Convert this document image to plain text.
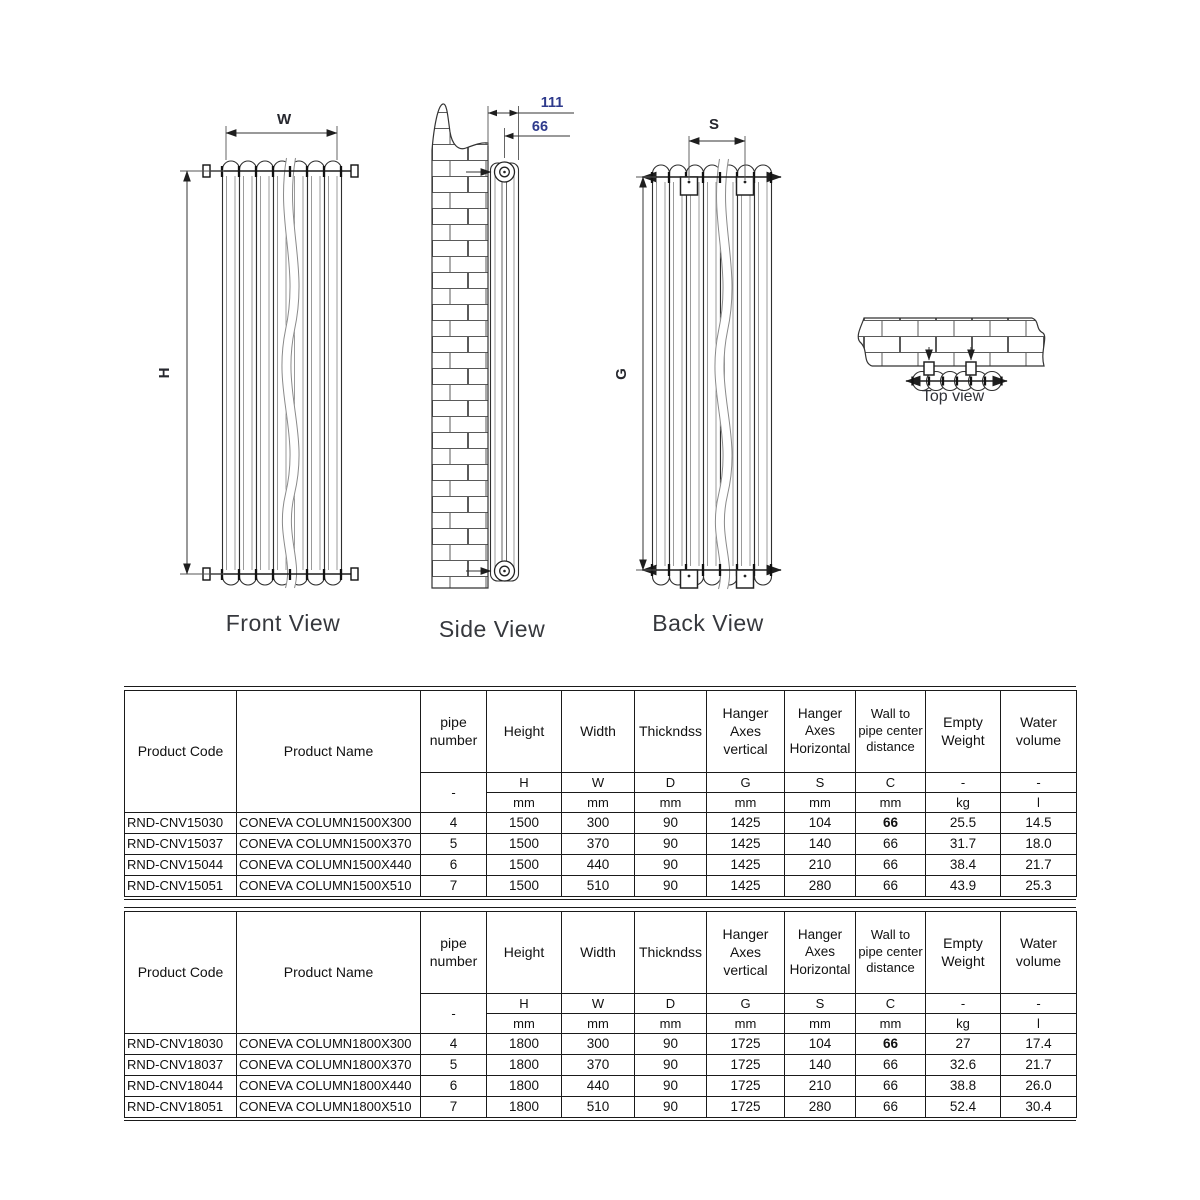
W
H
Front View
111
66
Side View
S
G
Back View
Top view
Product Code	Product Name	pipe number	Height	Width	Thickndss	Hanger Axes vertical	Hanger Axes Horizontal	Wall to pipe center distance	Empty Weight	Water volume
		-	H	W	D	G	S	C	-	-
			mm	mm	mm	mm	mm	mm	kg	l
RND-CNV15030	CONEVA COLUMN1500X300	4	1500	300	90	1425	104	66	25.5	14.5
RND-CNV15037	CONEVA COLUMN1500X370	5	1500	370	90	1425	140	66	31.7	18.0
RND-CNV15044	CONEVA COLUMN1500X440	6	1500	440	90	1425	210	66	38.4	21.7
RND-CNV15051	CONEVA COLUMN1500X510	7	1500	510	90	1425	280	66	43.9	25.3
Product Code	Product Name	pipe number	Height	Width	Thickndss	Hanger Axes vertical	Hanger Axes Horizontal	Wall to pipe center distance	Empty Weight	Water volume
		-	H	W	D	G	S	C	-	-
			mm	mm	mm	mm	mm	mm	kg	l
RND-CNV18030	CONEVA COLUMN1800X300	4	1800	300	90	1725	104	66	27	17.4
RND-CNV18037	CONEVA COLUMN1800X370	5	1800	370	90	1725	140	66	32.6	21.7
RND-CNV18044	CONEVA COLUMN1800X440	6	1800	440	90	1725	210	66	38.8	26.0
RND-CNV18051	CONEVA COLUMN1800X510	7	1800	510	90	1725	280	66	52.4	30.4
